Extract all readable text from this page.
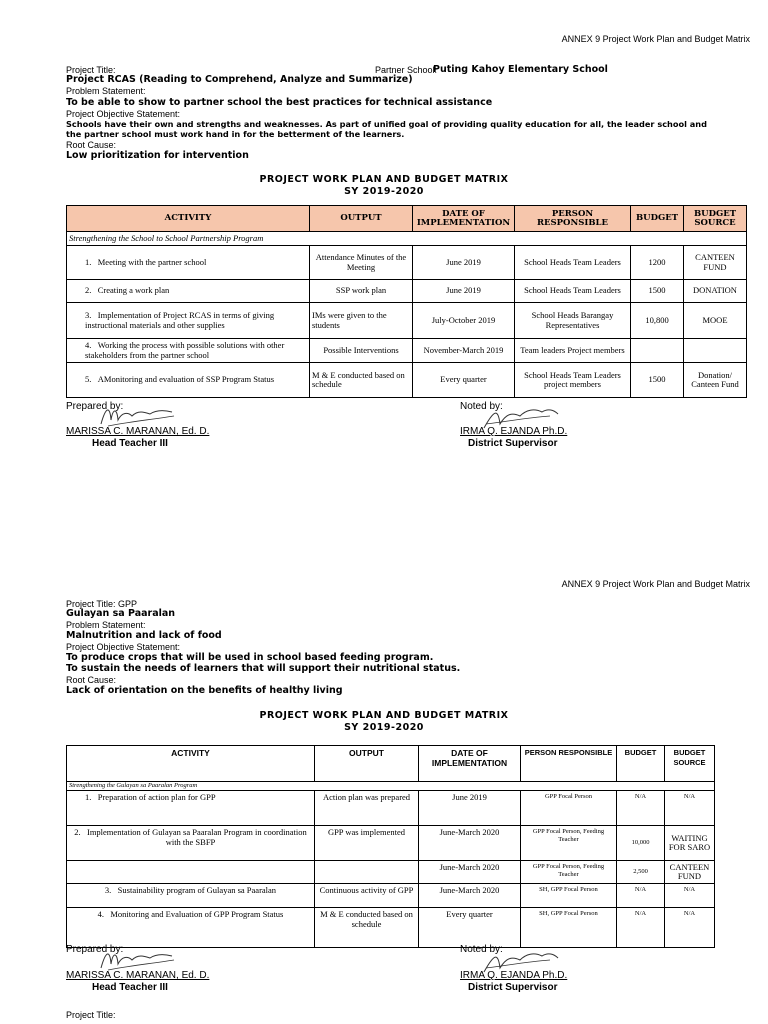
ANNEX 9 Project Work Plan and Budget Matrix
Project Title:	Partner School:
Puting Kahoy Elementary School
Project RCAS (Reading to Comprehend, Analyze and Summarize)
Problem Statement:
To be able to show to partner school the best practices for technical assistance
Project Objective Statement:
Schools have their own and strengths and weaknesses. As part of unified goal of providing quality education for all, the leader school and the partner school must work hand in for the betterment of the learners.
Root Cause:
Low prioritization for intervention
PROJECT WORK PLAN AND BUDGET MATRIX
SY 2019-2020
ACTIVITY	OUTPUT	DATE OF IMPLEMENTATION	PERSON RESPONSIBLE	BUDGET	BUDGET SOURCE
Strengthening the School to School Partnership Program					
1. Meeting with the partner school	Attendance Minutes of the Meeting	June 2019	School Heads Team Leaders	1200	CANTEEN FUND
2. Creating a work plan	SSP work plan	June 2019	School Heads Team Leaders	1500	DONATION
3. Implementation of Project RCAS in terms of giving instructional materials and other supplies	IMs were given to the students	July-October 2019	School Heads Barangay Representatives	10,800	MOOE
4. Working the process with possible solutions with other stakeholders from the partner school	Possible Interventions	November-March 2019	Team leaders Project members		
5. AMonitoring and evaluation of SSP Program Status	M & E conducted based on schedule	Every quarter	School Heads Team Leaders project members	1500	Donation/ Canteen Fund
Prepared by:	Noted by:
MARISSA C. MARANAN, Ed. D.	IRMA Q. EJANDA Ph.D.
Head Teacher III	District Supervisor
ANNEX 9 Project Work Plan and Budget Matrix
Project Title: GPP
Gulayan sa Paaralan
Problem Statement:
Malnutrition and lack of food
Project Objective Statement:
To produce crops that will be used in school based feeding program.
To sustain the needs of learners that will support their nutritional status.
Root Cause:
Lack of orientation on the benefits of healthy living
PROJECT WORK PLAN AND BUDGET MATRIX
SY 2019-2020
ACTIVITY	OUTPUT	DATE OF IMPLEMENTATION	PERSON RESPONSIBLE	BUDGET	BUDGET SOURCE
Strengthening the Gulayan sa Paaralan Program					
1. Preparation of action plan for GPP	Action plan was prepared	June 2019	GPP Focal Person	N/A	N/A
2. Implementation of Gulayan sa Paaralan Program in coordination with the SBFP	GPP was implemented	June-March 2020	GPP Focal Person, Feeding Teacher	10,000	WAITING FOR SARO
		June-March 2020	GPP Focal Person, Feeding Teacher	2,500	CANTEEN FUND
3. Sustainability program of Gulayan sa Paaralan	Continuous activity of GPP	June-March 2020	SH, GPP Focal Person	N/A	N/A
4. Monitoring and Evaluation of GPP Program Status	M & E conducted based on schedule	Every quarter	SH, GPP Focal Person	N/A	N/A
Prepared by:	Noted by:
MARISSA C. MARANAN, Ed. D.	IRMA Q. EJANDA Ph.D.
Head Teacher III	District Supervisor
Project Title:
